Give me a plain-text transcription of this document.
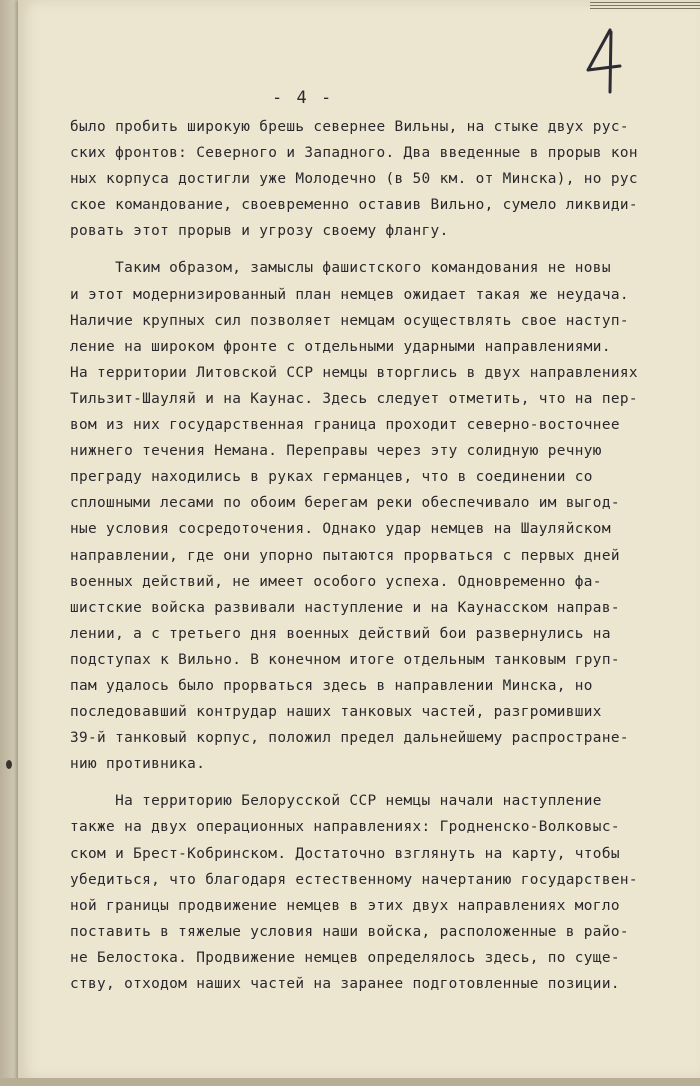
- 4 -
было пробить широкую брешь севернее Вильны, на стыке двух рус-
ских фронтов: Северного и Западного. Два введенные в прорыв кон
ных корпуса достигли уже Молодечно (в 50 км. от Минска), но рус
ское командование, своевременно оставив Вильно, сумело ликвиди-
ровать этот прорыв и угрозу своему флангу.
Таким образом, замыслы фашистского командования не новы
и этот модернизированный план немцев ожидает такая же неудача.
Наличие крупных сил позволяет немцам осуществлять свое наступ-
ление на широком фронте с отдельными ударными направлениями.
На территории Литовской ССР немцы вторглись в двух направлениях
Тильзит-Шауляй и на Каунас. Здесь следует отметить, что на пер-
вом из них государственная граница проходит северно-восточнее
нижнего течения Немана. Переправы через эту солидную речную
преграду находились в руках германцев, что в соединении со
сплошными лесами по обоим берегам реки обеспечивало им выгод-
ные условия сосредоточения. Однако удар немцев на Шауляйском
направлении, где они упорно пытаются прорваться с первых дней
военных действий, не имеет особого успеха. Одновременно фа-
шистские войска развивали наступление и на Каунасском направ-
лении, а с третьего дня военных действий бои развернулись на
подступах к Вильно. В конечном итоге отдельным танковым груп-
пам удалось было прорваться здесь в направлении Минска, но
последовавший контрудар наших танковых частей, разгромивших
39-й танковый корпус, положил предел дальнейшему распростране-
нию противника.
На территорию Белорусской ССР немцы начали наступление
также на двух операционных направлениях: Гродненско-Волковыс-
ском и Брест-Кобринском. Достаточно взглянуть на карту, чтобы
убедиться, что благодаря естественному начертанию государствен-
ной границы продвижение немцев в этих двух направлениях могло
поставить в тяжелые условия наши войска, расположенные в райо-
не Белостока. Продвижение немцев определялось здесь, по суще-
ству, отходом наших частей на заранее подготовленные позиции.
